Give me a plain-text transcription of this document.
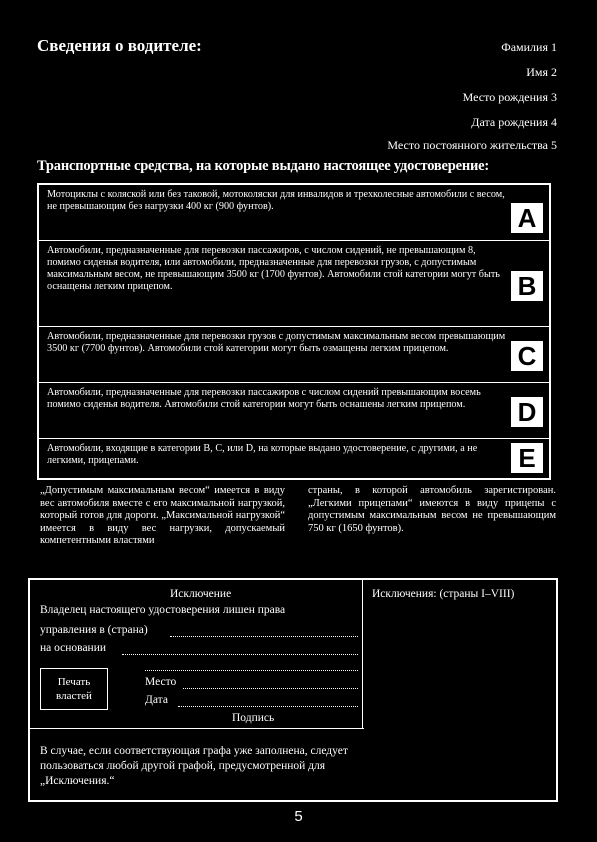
Сведения о водителе:	Фамилия 1
Имя 2
Место рождения 3
Дата рождения 4
Место постоянного жительства 5
Транспортные средства, на которые выдано настоящее удостоверение:
Мотоциклы с коляской или без таковой, мотоколяски для инвалидов и трехколесные автомобили с весом, не превышающим без нагрузки 400 кг (900 фунтов).	A
Автомобили, предназначенные для перевозки пассажиров, с числом сидений, не превышающим 8, помимо сиденья водителя, или автомобили, предназначенные для перевозки грузов, с допустимым максимальным весом, не превышающим 3500 кг (1700 фунтов). Автомобили стой категории могут быть оснащены легким прицепом.	B
Автомобили, предназначенные для перевозки грузов с допустимым максимальным весом превышающим 3500 кг (7700 фунтов). Автомобили стой категории могут быть озмащены легким прицепом.	C
Автомобили, предназначенные для перевозки пассажиров с числом сидений превышающим восемь помимо сиденья водителя. Автомобили стой категории могут быть оснашены легким прицепом.	D
Автомобили, входящие в категории B, C, или D, на которые выдано удостоверение, с другими, а не легкими, прицепами.	E
„Допустимым максимальным весом“ имеется в виду вес автомобиля вместе с его максимальной нагрузкой, который готов для дороги. „Максимальной нагрузкой“ имеется в виду вес нагрузки, допускаемый компетентными властями
страны, в которой автомобиль зарегистирован. „Легкими прицепами“ имеются в виду прицепы с допустимым максимальным весом не превышающим 750 кг (1650 фунтов).
Исключение	Исключения: (страны I–VIII)
Владелец настоящего удостоверения лишен права
управления в (страна)
на основании
Печать властей
Место
Дата
Подпись
В случае, если соответствующая графа уже заполнена, следует пользоваться любой другой графой, предусмотренной для „Исключения.“
5
